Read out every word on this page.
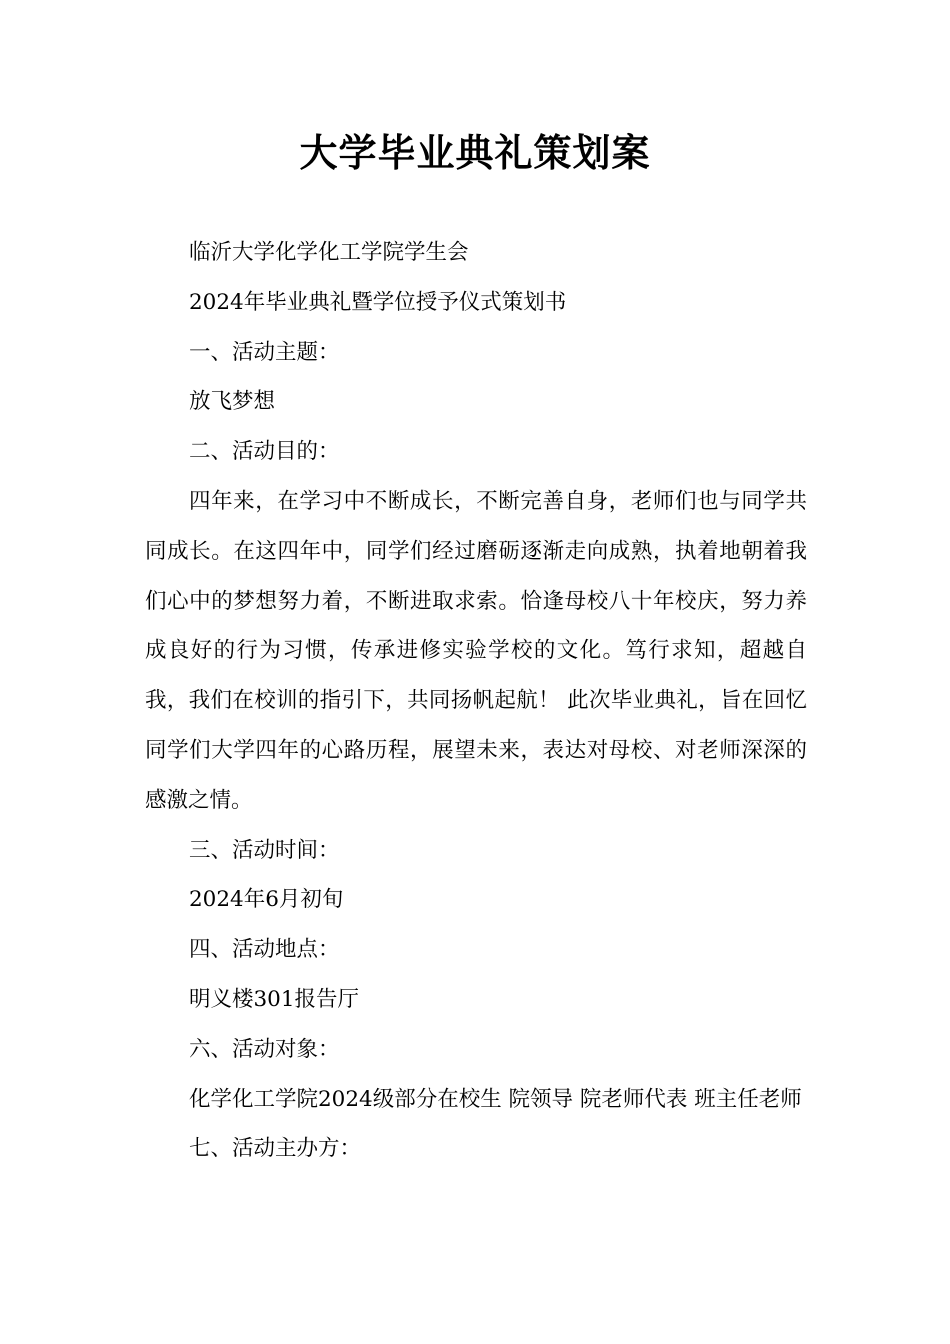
大学毕业典礼策划案

临沂大学化学化工学院学生会

2024年毕业典礼暨学位授予仪式策划书

一、活动主题：

放飞梦想

二、活动目的：

四年来，在学习中不断成长，不断完善自身，老师们也与同学共同成长。在这四年中，同学们经过磨砺逐渐走向成熟，执着地朝着我们心中的梦想努力着，不断进取求索。恰逢母校八十年校庆，努力养成良好的行为习惯，传承进修实验学校的文化。笃行求知，超越自我，我们在校训的指引下，共同扬帆起航！ 此次毕业典礼，旨在回忆同学们大学四年的心路历程，展望未来，表达对母校、对老师深深的感激之情。

三、活动时间：

2024年6月初旬

四、活动地点：

明义楼301报告厅

六、活动对象：

化学化工学院2024级部分在校生 院领导 院老师代表 班主任老师

七、活动主办方：
